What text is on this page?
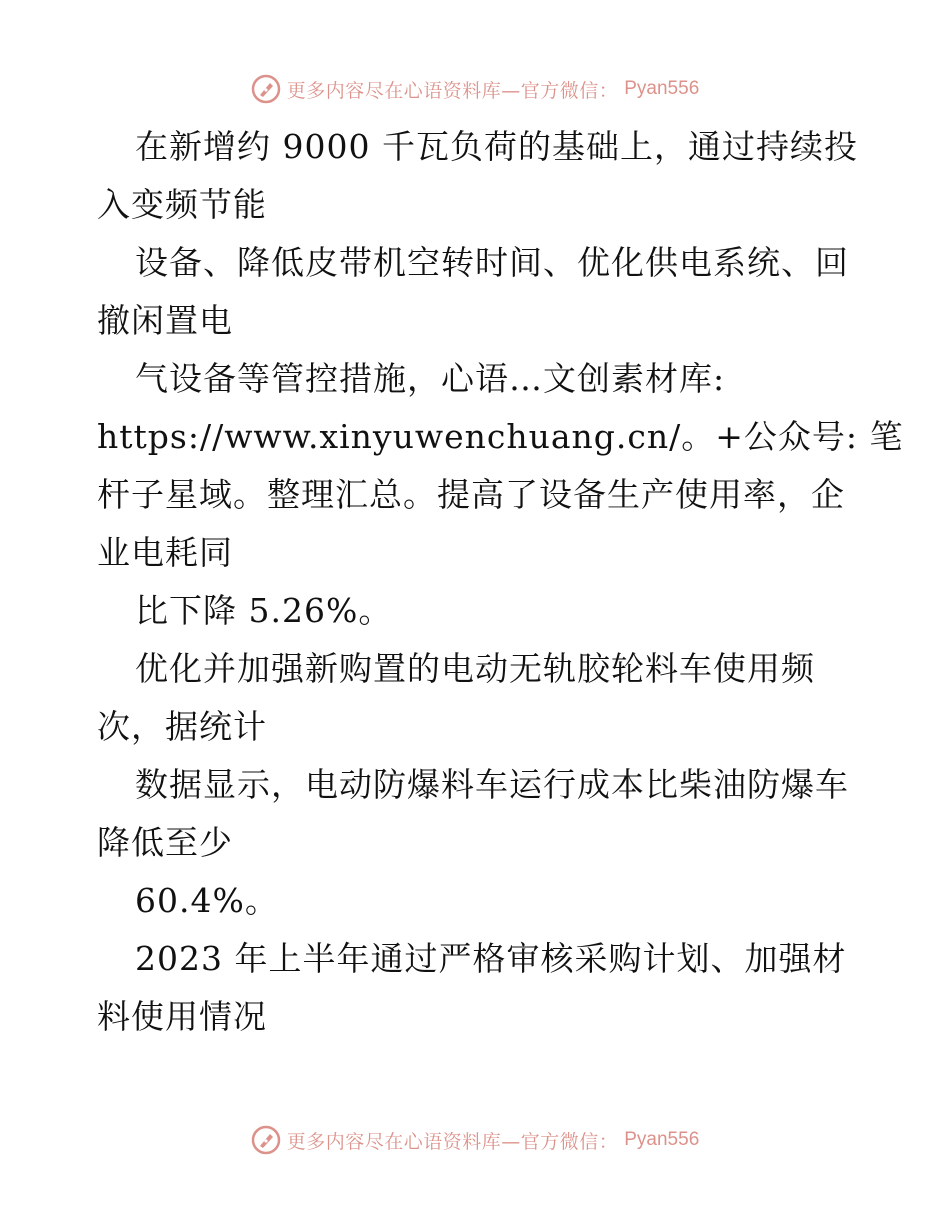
更多内容尽在心语资料库—官方微信： Pyan556
在新增约 9000 千瓦负荷的基础上，通过持续投
入变频节能
设备、降低皮带机空转时间、优化供电系统、回
撤闲置电
气设备等管控措施，心语…文创素材库:
https://www.xinyuwenchuang.cn/。+公众号: 笔
杆子星域。整理汇总。提高了设备生产使用率，企
业电耗同
比下降 5.26%。
优化并加强新购置的电动无轨胶轮料车使用频
次，据统计
数据显示，电动防爆料车运行成本比柴油防爆车
降低至少
60.4%。
2023 年上半年通过严格审核采购计划、加强材
料使用情况
更多内容尽在心语资料库—官方微信： Pyan556
